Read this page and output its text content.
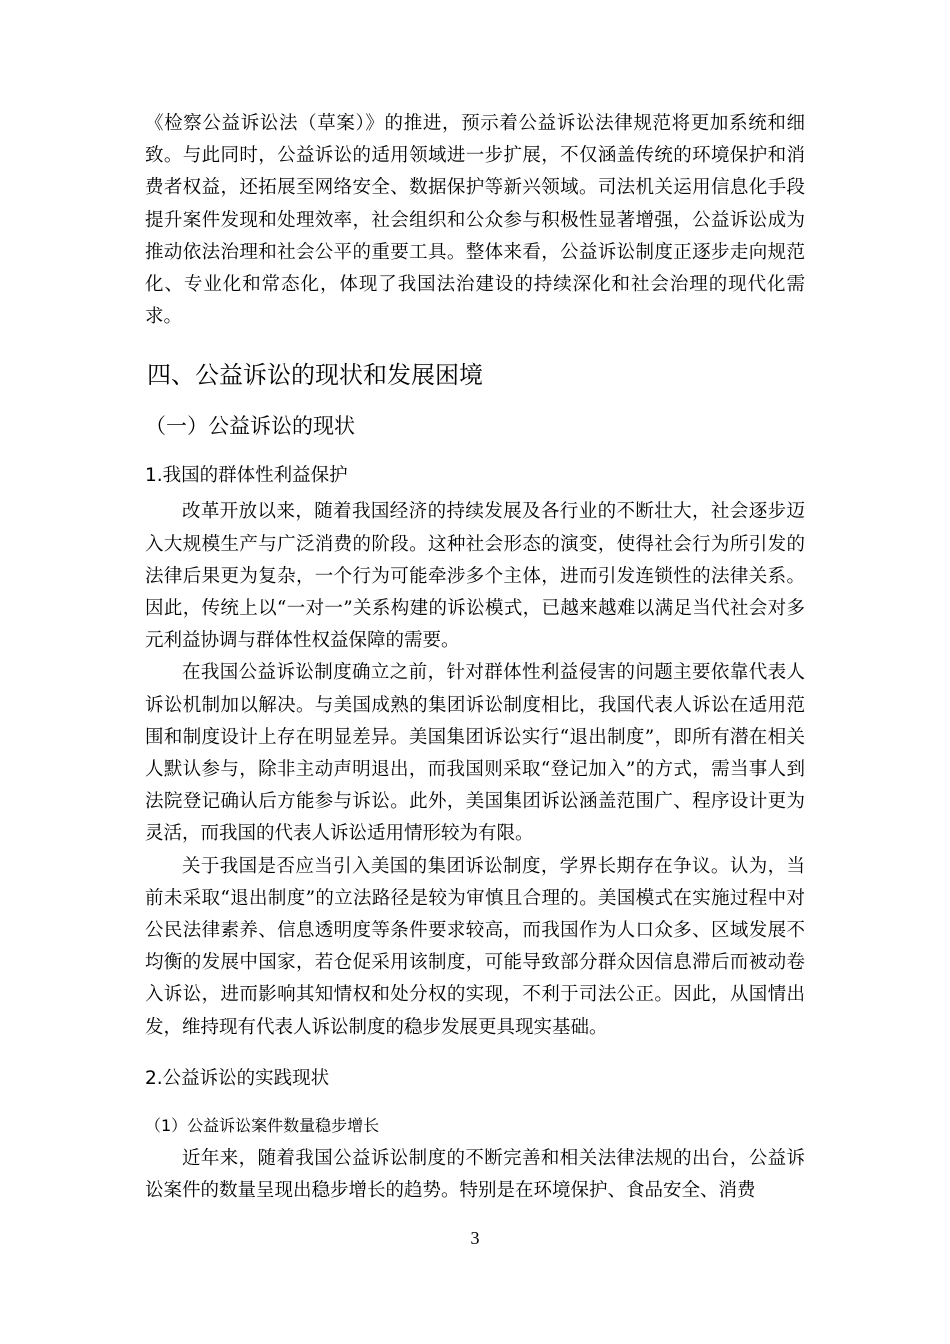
《检察公益诉讼法（草案）》的推进，预示着公益诉讼法律规范将更加系统和细致。与此同时，公益诉讼的适用领域进一步扩展，不仅涵盖传统的环境保护和消费者权益，还拓展至网络安全、数据保护等新兴领域。司法机关运用信息化手段提升案件发现和处理效率，社会组织和公众参与积极性显著增强，公益诉讼成为推动依法治理和社会公平的重要工具。整体来看，公益诉讼制度正逐步走向规范化、专业化和常态化，体现了我国法治建设的持续深化和社会治理的现代化需求。

四、公益诉讼的现状和发展困境
（一）公益诉讼的现状
1.我国的群体性利益保护

改革开放以来，随着我国经济的持续发展及各行业的不断壮大，社会逐步迈入大规模生产与广泛消费的阶段。这种社会形态的演变，使得社会行为所引发的法律后果更为复杂，一个行为可能牵涉多个主体，进而引发连锁性的法律关系。因此，传统上以“一对一”关系构建的诉讼模式，已越来越难以满足当代社会对多元利益协调与群体性权益保障的需要。

在我国公益诉讼制度确立之前，针对群体性利益侵害的问题主要依靠代表人诉讼机制加以解决。与美国成熟的集团诉讼制度相比，我国代表人诉讼在适用范围和制度设计上存在明显差异。美国集团诉讼实行“退出制度”，即所有潜在相关人默认参与，除非主动声明退出，而我国则采取“登记加入”的方式，需当事人到法院登记确认后方能参与诉讼。此外，美国集团诉讼涵盖范围广、程序设计更为灵活，而我国的代表人诉讼适用情形较为有限。

关于我国是否应当引入美国的集团诉讼制度，学界长期存在争议。认为，当前未采取“退出制度”的立法路径是较为审慎且合理的。美国模式在实施过程中对公民法律素养、信息透明度等条件要求较高，而我国作为人口众多、区域发展不均衡的发展中国家，若仓促采用该制度，可能导致部分群众因信息滞后而被动卷入诉讼，进而影响其知情权和处分权的实现，不利于司法公正。因此，从国情出发，维持现有代表人诉讼制度的稳步发展更具现实基础。

2.公益诉讼的实践现状
（1）公益诉讼案件数量稳步增长

近年来，随着我国公益诉讼制度的不断完善和相关法律法规的出台，公益诉讼案件的数量呈现出稳步增长的趋势。特别是在环境保护、食品安全、消费

3
